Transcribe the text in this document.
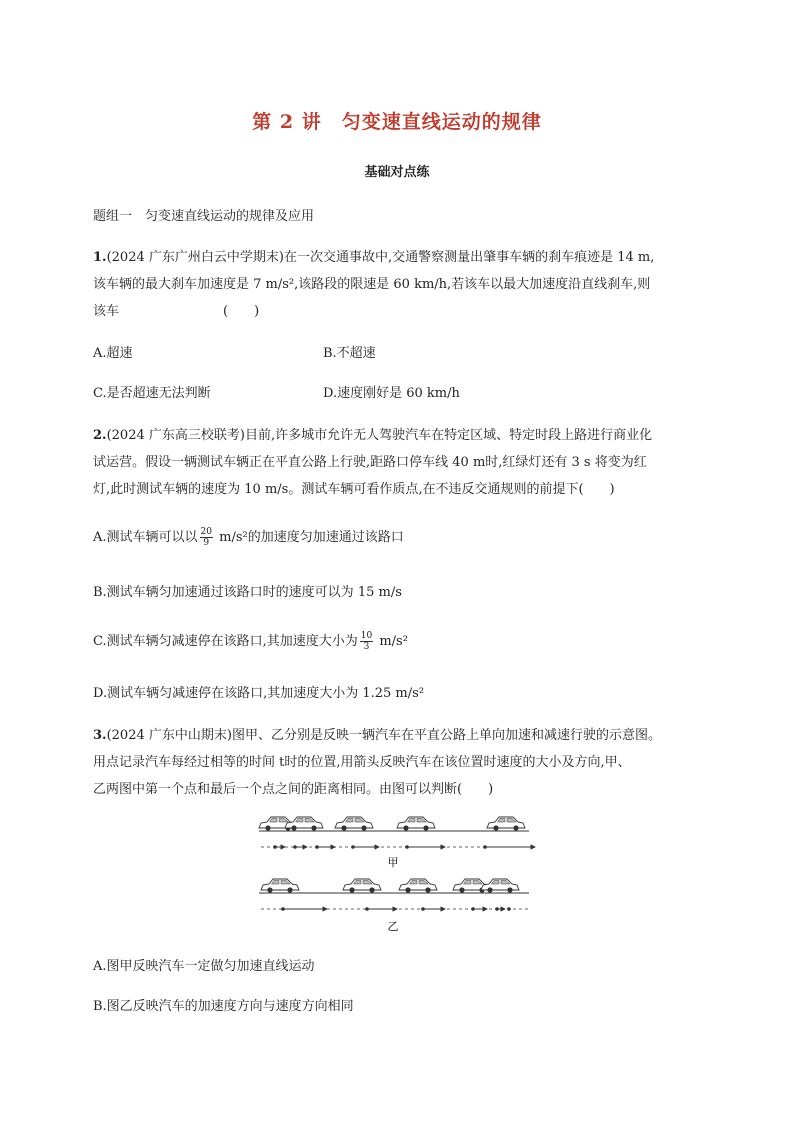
第 2 讲　匀变速直线运动的规律
基础对点练
题组一　匀变速直线运动的规律及应用
1.(2024 广东广州白云中学期末)在一次交通事故中,交通警察测量出肇事车辆的刹车痕迹是 14 m,
该车辆的最大刹车加速度是 7 m/s²,该路段的限速是 60 km/h,若该车以最大加速度沿直线刹车,则
该车	(　　)
A.超速	B.不超速
C.是否超速无法判断	D.速度刚好是 60 km/h
2.(2024 广东高三校联考)目前,许多城市允许无人驾驶汽车在特定区域、特定时段上路进行商业化
试运营。假设一辆测试车辆正在平直公路上行驶,距路口停车线 40 m时,红绿灯还有 3 s 将变为红
灯,此时测试车辆的速度为 10 m/s。测试车辆可看作质点,在不违反交通规则的前提下(　　)
A.测试车辆可以以 $\frac{20}{9} m/s^2$的加速度匀加速通过该路口
B.测试车辆匀加速通过该路口时的速度可以为 15 m/s
C.测试车辆匀减速停在该路口,其加速度大小为 $\frac{10}{3} m/s^2$
D.测试车辆匀减速停在该路口,其加速度大小为 1.25 m/s²
3.(2024 广东中山期末)图甲、乙分别是反映一辆汽车在平直公路上单向加速和减速行驶的示意图。
用点记录汽车每经过相等的时间 t时的位置,用箭头反映汽车在该位置时速度的大小及方向,甲、
乙两图中第一个点和最后一个点之间的距离相同。由图可以判断(　　)
甲
乙
A.图甲反映汽车一定做匀加速直线运动
B.图乙反映汽车的加速度方向与速度方向相同
